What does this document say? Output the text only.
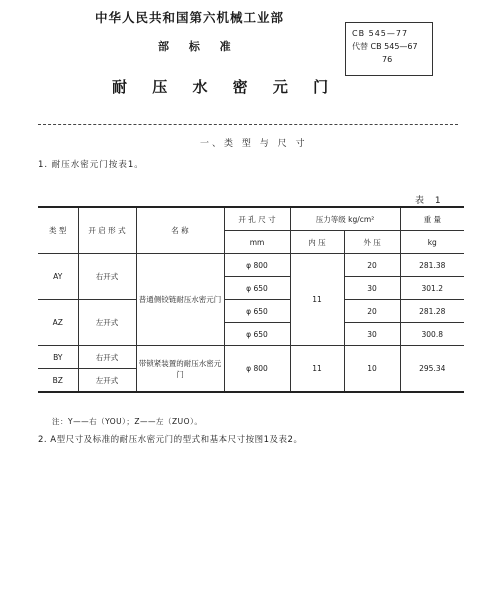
中华人民共和国第六机械工业部
部 标 准
耐 压 水 密 元 门
CB 545—77
代替 CB 545—67
76
一、类 型 与 尺 寸
1. 耐压水密元门按表1。
表 1
类 型	开 启 形 式	名 称	开 孔 尺 寸	压力等级 kg/cm²		重 量
			mm	内 压	外 压	kg
AY	右开式	普通侧铰链耐压水密元门	φ 800	11	20	281.38
			φ 650		30	301.2
AZ	左开式		φ 650		20	281.28
			φ 650		30	300.8
BY	右开式	带锁紧装置的耐压水密元门	φ 800	11	10	295.34
BZ	左开式					
注：Y——右（YOU）；Z——左（ZUO）。
2. A型尺寸及标准的耐压水密元门的型式和基本尺寸按图1及表2。
